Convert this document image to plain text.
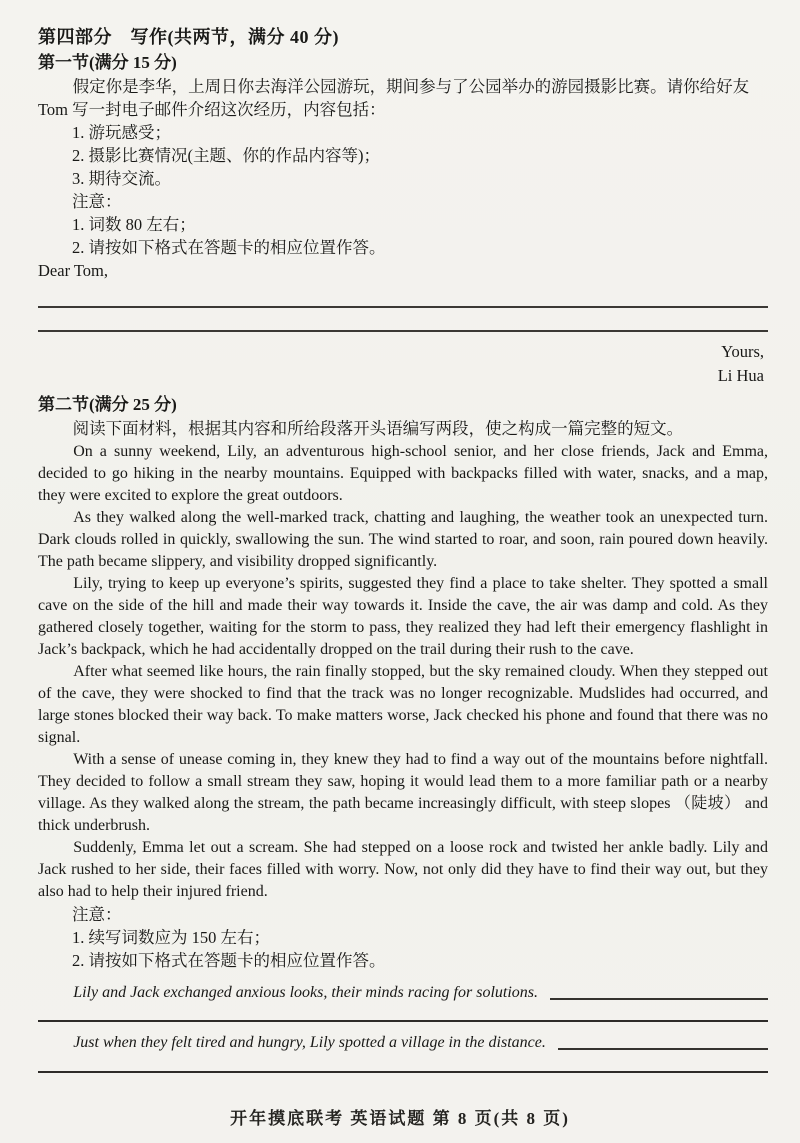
第四部分　写作(共两节，满分 40 分)
第一节(满分 15 分)

假定你是李华，上周日你去海洋公园游玩，期间参与了公园举办的游园摄影比赛。请你给好友 Tom 写一封电子邮件介绍这次经历，内容包括：

1. 游玩感受；
2. 摄影比赛情况(主题、你的作品内容等)；
3. 期待交流。
注意：
1. 词数 80 左右；
2. 请按如下格式在答题卡的相应位置作答。
Dear Tom,
Yours,
Li Hua
第二节(满分 25 分)

阅读下面材料，根据其内容和所给段落开头语编写两段，使之构成一篇完整的短文。

On a sunny weekend, Lily, an adventurous high-school senior, and her close friends, Jack and Emma, decided to go hiking in the nearby mountains. Equipped with backpacks filled with water, snacks, and a map, they were excited to explore the great outdoors.

As they walked along the well-marked track, chatting and laughing, the weather took an unexpected turn. Dark clouds rolled in quickly, swallowing the sun. The wind started to roar, and soon, rain poured down heavily. The path became slippery, and visibility dropped significantly.

Lily, trying to keep up everyone’s spirits, suggested they find a place to take shelter. They spotted a small cave on the side of the hill and made their way towards it. Inside the cave, the air was damp and cold. As they gathered closely together, waiting for the storm to pass, they realized they had left their emergency flashlight in Jack’s backpack, which he had accidentally dropped on the trail during their rush to the cave.

After what seemed like hours, the rain finally stopped, but the sky remained cloudy. When they stepped out of the cave, they were shocked to find that the track was no longer recognizable. Mudslides had occurred, and large stones blocked their way back. To make matters worse, Jack checked his phone and found that there was no signal.

With a sense of unease coming in, they knew they had to find a way out of the mountains before nightfall. They decided to follow a small stream they saw, hoping it would lead them to a more familiar path or a nearby village. As they walked along the stream, the path became increasingly difficult, with steep slopes （陡坡） and thick underbrush.

Suddenly, Emma let out a scream. She had stepped on a loose rock and twisted her ankle badly. Lily and Jack rushed to her side, their faces filled with worry. Now, not only did they have to find their way out, but they also had to help their injured friend.

注意：
1. 续写词数应为 150 左右；
2. 请按如下格式在答题卡的相应位置作答。
Lily and Jack exchanged anxious looks, their minds racing for solutions.
Just when they felt tired and hungry, Lily spotted a village in the distance.
开年摸底联考 英语试题 第 8 页(共 8 页)
